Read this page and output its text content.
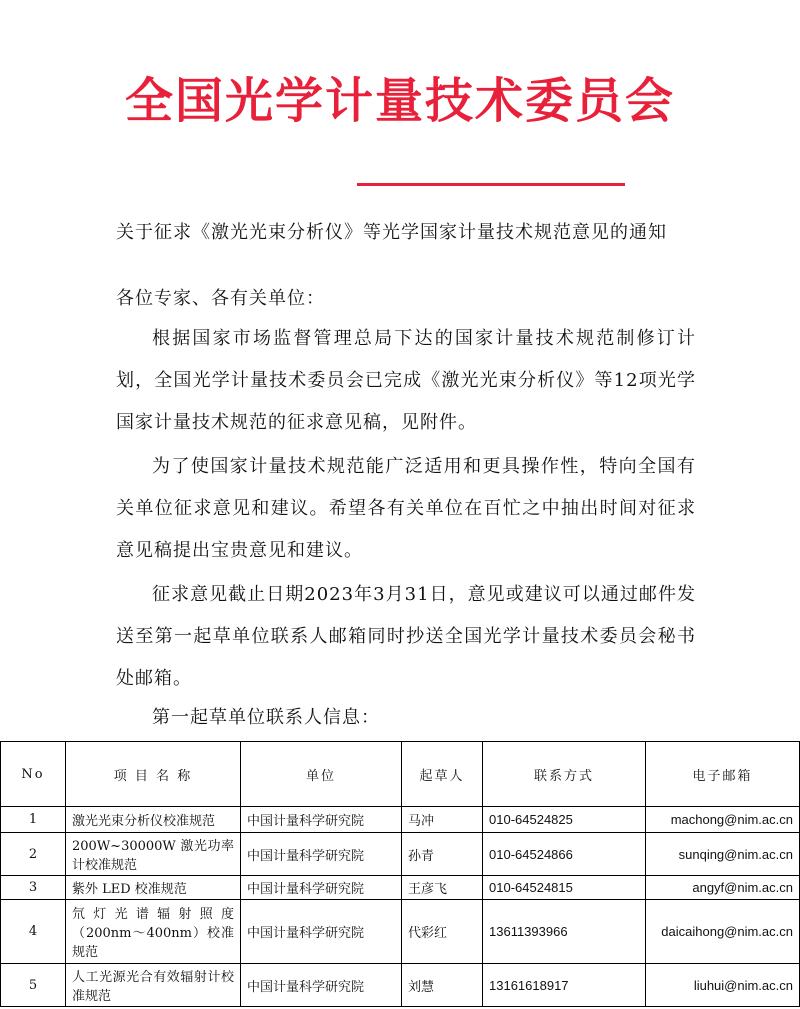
全国光学计量技术委员会
关于征求《激光光束分析仪》等光学国家计量技术规范意见的通知
各位专家、各有关单位：
根据国家市场监督管理总局下达的国家计量技术规范制修订计划，全国光学计量技术委员会已完成《激光光束分析仪》等12项光学国家计量技术规范的征求意见稿，见附件。
为了使国家计量技术规范能广泛适用和更具操作性，特向全国有关单位征求意见和建议。希望各有关单位在百忙之中抽出时间对征求意见稿提出宝贵意见和建议。
征求意见截止日期2023年3月31日，意见或建议可以通过邮件发送至第一起草单位联系人邮箱同时抄送全国光学计量技术委员会秘书处邮箱。
第一起草单位联系人信息：
No	项 目 名 称	单位	起草人	联系方式	电子邮箱
1	激光光束分析仪校准规范	中国计量科学研究院	马冲	010-64524825	machong@nim.ac.cn
2	200W~30000W 激光功率计校准规范	中国计量科学研究院	孙青	010-64524866	sunqing@nim.ac.cn
3	紫外 LED 校准规范	中国计量科学研究院	王彦飞	010-64524815	angyf@nim.ac.cn
4	氘灯光谱辐射照度（200nm～400nm）校准规范	中国计量科学研究院	代彩红	13611393966	daicaihong@nim.ac.cn
5	人工光源光合有效辐射计校准规范	中国计量科学研究院	刘慧	13161618917	liuhui@nim.ac.cn
